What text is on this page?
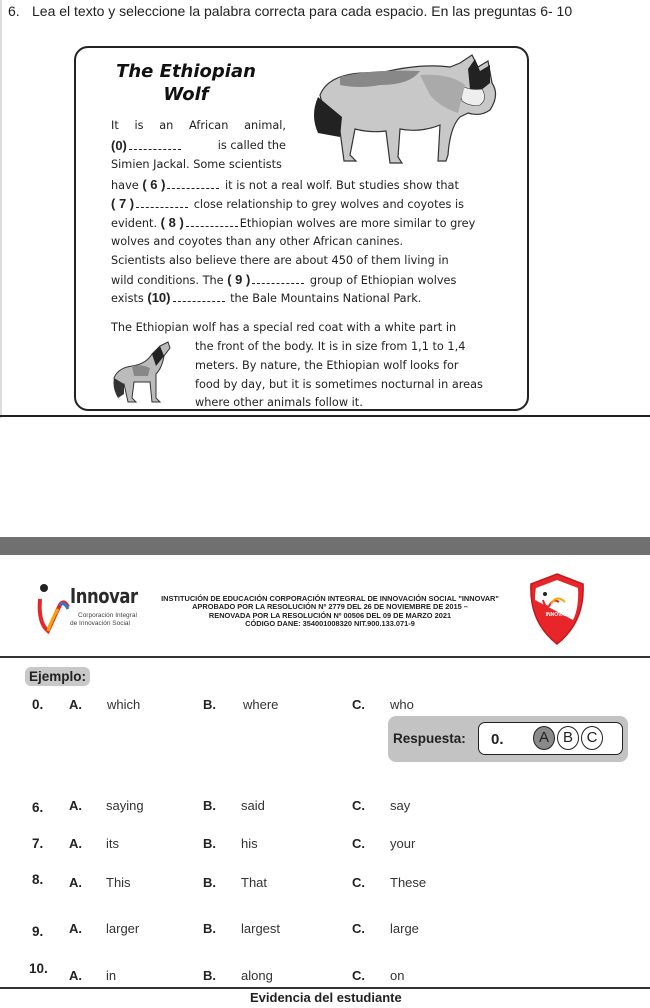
6. Lea el texto y seleccione la palabra correcta para cada espacio. En las preguntas 6- 10
The Ethiopian
Wolf
It is an African animal,
(0)	is called the
Simien Jackal. Some scientists
have ( 6 )	it is not a real wolf. But studies show that
( 7 )	close relationship to grey wolves and coyotes is
evident. ( 8 )	Ethiopian wolves are more similar to grey
wolves and coyotes than any other African canines.
Scientists also believe there are about 450 of them living in
wild conditions. The ( 9 )	group of Ethiopian wolves
exists (10)	the Bale Mountains National Park.
The Ethiopian wolf has a special red coat with a white part in
the front of the body. It is in size from 1,1 to 1,4
meters. By nature, the Ethiopian wolf looks for
food by day, but it is sometimes nocturnal in areas
where other animals follow it.
Innovar
Corporación Integral
de Innovación Social
INSTITUCIÓN DE EDUCACIÓN CORPORACIÓN INTEGRAL DE INNOVACIÓN SOCIAL "INNOVAR"
APROBADO POR LA RESOLUCIÓN Nº 2779 DEL 26 DE NOVIEMBRE DE 2015 –
RENOVADA POR LA RESOLUCIÓN Nº 00506 DEL 09 DE MARZO 2021
CÓDIGO DANE: 354001008320 NIT.900.133.071-9
INNOVAR
Ejemplo:
0. A. which	B. where	C. who
Respuesta: 0.	A B C
6. A. saying	B. said	C. say
7. A. its	B. his	C. your
8. A. This	B. That	C. These
9. A. larger	B. largest	C. large
10. A. in	B. along	C. on
Evidencia del estudiante
